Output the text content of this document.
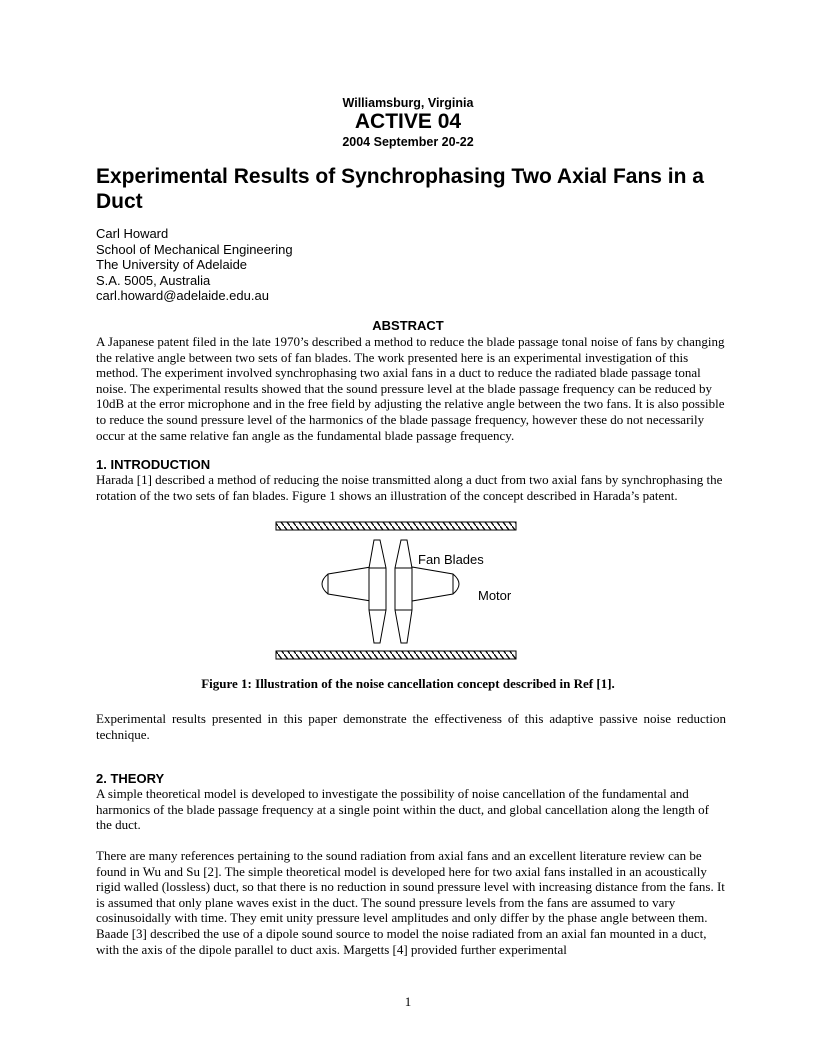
Williamsburg, Virginia
ACTIVE 04
2004 September 20-22
Experimental Results of Synchrophasing Two Axial Fans in a Duct
Carl Howard
School of Mechanical Engineering
The University of Adelaide
S.A. 5005, Australia
carl.howard@adelaide.edu.au
ABSTRACT

A Japanese patent filed in the late 1970’s described a method to reduce the blade passage tonal noise of fans by changing the relative angle between two sets of fan blades. The work presented here is an experimental investigation of this method. The experiment involved synchrophasing two axial fans in a duct to reduce the radiated blade passage tonal noise. The experimental results showed that the sound pressure level at the blade passage frequency can be reduced by 10dB at the error microphone and in the free field by adjusting the relative angle between the two fans. It is also possible to reduce the sound pressure level of the harmonics of the blade passage frequency, however these do not necessarily occur at the same relative fan angle as the fundamental blade passage frequency.

1. INTRODUCTION

Harada [1] described a method of reducing the noise transmitted along a duct from two axial fans by synchrophasing the rotation of the two sets of fan blades. Figure 1 shows an illustration of the concept described in Harada’s patent.

Fan Blades
Motor
Figure 1: Illustration of the noise cancellation concept described in Ref [1].

Experimental results presented in this paper demonstrate the effectiveness of this adaptive passive noise reduction technique.

2. THEORY

A simple theoretical model is developed to investigate the possibility of noise cancellation of the fundamental and harmonics of the blade passage frequency at a single point within the duct, and global cancellation along the length of the duct.

There are many references pertaining to the sound radiation from axial fans and an excellent literature review can be found in Wu and Su [2]. The simple theoretical model is developed here for two axial fans installed in an acoustically rigid walled (lossless) duct, so that there is no reduction in sound pressure level with increasing distance from the fans. It is assumed that only plane waves exist in the duct. The sound pressure levels from the fans are assumed to vary cosinusoidally with time. They emit unity pressure level amplitudes and only differ by the phase angle between them. Baade [3] described the use of a dipole sound source to model the noise radiated from an axial fan mounted in a duct, with the axis of the dipole parallel to duct axis. Margetts [4] provided further experimental

1
